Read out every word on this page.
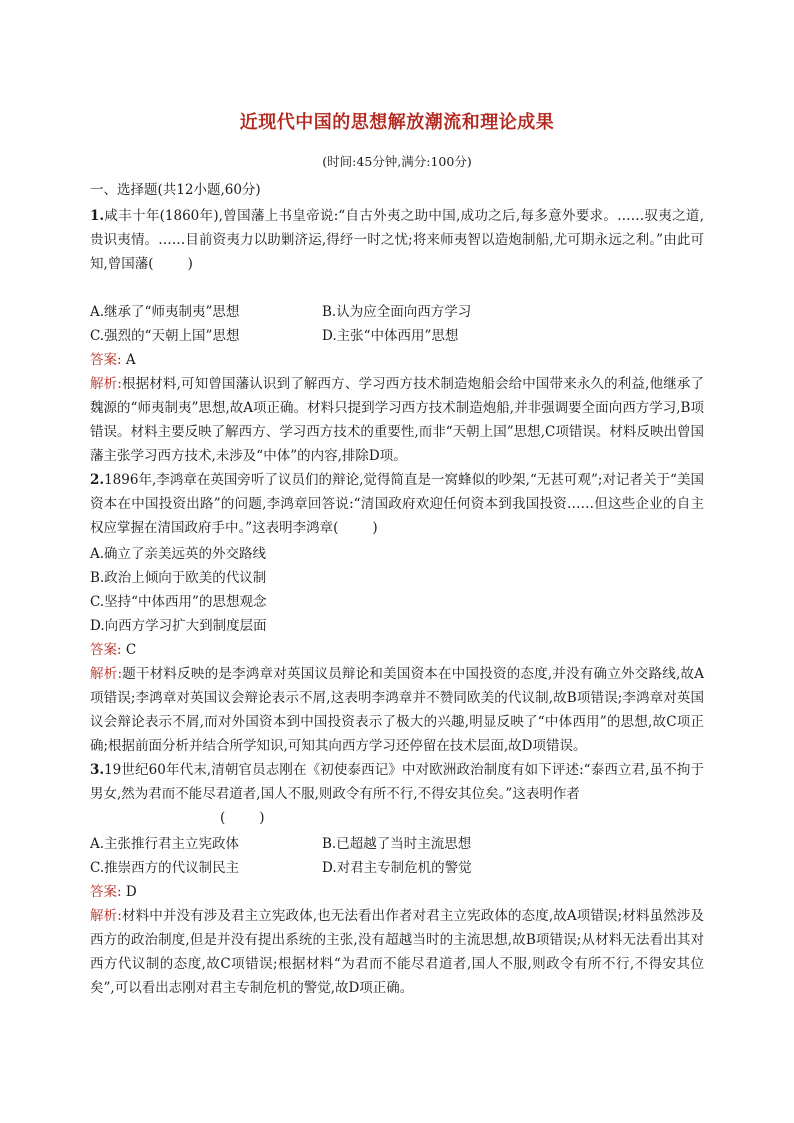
近现代中国的思想解放潮流和理论成果
(时间:45分钟,满分:100分)
一、选择题(共12小题,60分)
1.咸丰十年(1860年),曾国藩上书皇帝说:“自古外夷之助中国,成功之后,每多意外要求。……驭夷之道,贵识夷情。……目前资夷力以助剿济运,得纾一时之忧;将来师夷智以造炮制船,尤可期永远之利。”由此可知,曾国藩(	)
A.继承了“师夷制夷”思想	B.认为应全面向西方学习
C.强烈的“天朝上国”思想	D.主张“中体西用”思想
答案: A
解析:根据材料,可知曾国藩认识到了解西方、学习西方技术制造炮船会给中国带来永久的利益,他继承了魏源的“师夷制夷”思想,故A项正确。材料只提到学习西方技术制造炮船,并非强调要全面向西方学习,B项错误。材料主要反映了解西方、学习西方技术的重要性,而非“天朝上国”思想,C项错误。材料反映出曾国藩主张学习西方技术,未涉及“中体”的内容,排除D项。
2.1896年,李鸿章在英国旁听了议员们的辩论,觉得简直是一窝蜂似的吵架,“无甚可观”;对记者关于“美国资本在中国投资出路”的问题,李鸿章回答说:“清国政府欢迎任何资本到我国投资……但这些企业的自主权应掌握在清国政府手中。”这表明李鸿章(	)
A.确立了亲美远英的外交路线
B.政治上倾向于欧美的代议制
C.坚持“中体西用”的思想观念
D.向西方学习扩大到制度层面
答案: C
解析:题干材料反映的是李鸿章对英国议员辩论和美国资本在中国投资的态度,并没有确立外交路线,故A项错误;李鸿章对英国议会辩论表示不屑,这表明李鸿章并不赞同欧美的代议制,故B项错误;李鸿章对英国议会辩论表示不屑,而对外国资本到中国投资表示了极大的兴趣,明显反映了“中体西用”的思想,故C项正确;根据前面分析并结合所学知识,可知其向西方学习还停留在技术层面,故D项错误。
3.19世纪60年代末,清朝官员志刚在《初使泰西记》中对欧洲政治制度有如下评述:“泰西立君,虽不拘于男女,然为君而不能尽君道者,国人不服,则政令有所不行,不得安其位矣。”这表明作者
(	)
A.主张推行君主立宪政体	B.已超越了当时主流思想
C.推崇西方的代议制民主	D.对君主专制危机的警觉
答案: D
解析:材料中并没有涉及君主立宪政体,也无法看出作者对君主立宪政体的态度,故A项错误;材料虽然涉及西方的政治制度,但是并没有提出系统的主张,没有超越当时的主流思想,故B项错误;从材料无法看出其对西方代议制的态度,故C项错误;根据材料“为君而不能尽君道者,国人不服,则政令有所不行,不得安其位矣”,可以看出志刚对君主专制危机的警觉,故D项正确。
